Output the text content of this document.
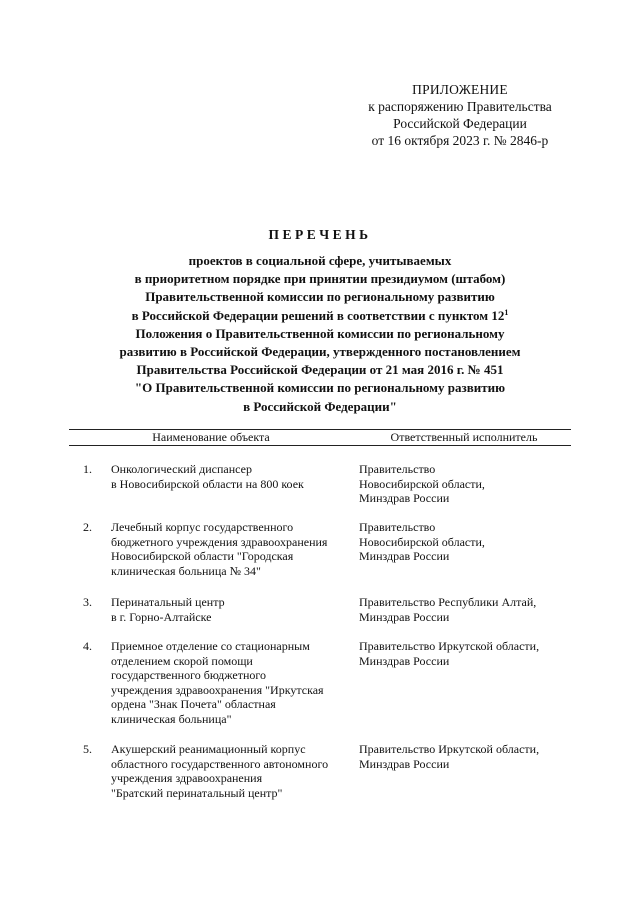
ПРИЛОЖЕНИЕ
к распоряжению Правительства
Российской Федерации
от 16 октября 2023 г. № 2846-р
ПЕРЕЧЕНЬ
проектов в социальной сфере, учитываемых
в приоритетном порядке при принятии президиумом (штабом)
Правительственной комиссии по региональному развитию
в Российской Федерации решений в соответствии с пунктом $12^1$
Положения о Правительственной комиссии по региональному
развитию в Российской Федерации, утвержденного постановлением
Правительства Российской Федерации от 21 мая 2016 г. № 451
"О Правительственной комиссии по региональному развитию
в Российской Федерации"
Наименование объекта	Ответственный исполнитель
1. Онкологический диспансер
в Новосибирской области на 800 коек
Правительство
Новосибирской области,
Минздрав России
2. Лечебный корпус государственного
бюджетного учреждения здравоохранения
Новосибирской области "Городская
клиническая больница № 34"
Правительство
Новосибирской области,
Минздрав России
3. Перинатальный центр
в г. Горно-Алтайске
Правительство Республики Алтай,
Минздрав России
4. Приемное отделение со стационарным
отделением скорой помощи
государственного бюджетного
учреждения здравоохранения "Иркутская
ордена "Знак Почета" областная
клиническая больница"
Правительство Иркутской области,
Минздрав России
5. Акушерский реанимационный корпус
областного государственного автономного
учреждения здравоохранения
"Братский перинатальный центр"
Правительство Иркутской области,
Минздрав России
